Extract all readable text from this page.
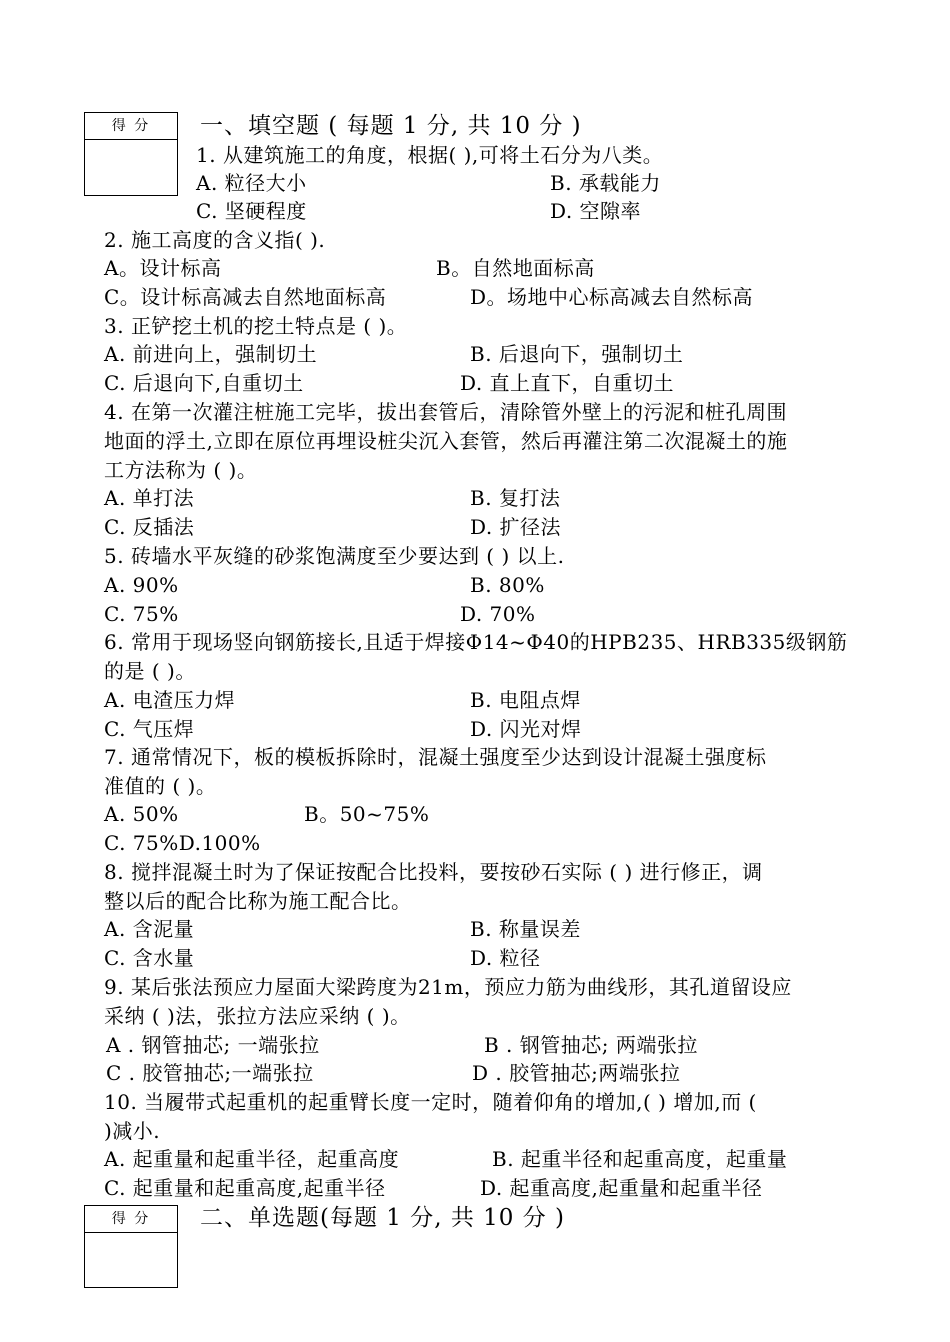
得 分	一、填空题 ( 每题 1 分, 共 10 分 )
1. 从建筑施工的角度，根据( ),可将土石分为八类。
A. 粒径大小	B. 承载能力
C. 坚硬程度	D. 空隙率
2. 施工高度的含义指( ).
A。设计标高	B。自然地面标高
C。设计标高减去自然地面标高	D。场地中心标高减去自然标高
3. 正铲挖土机的挖土特点是 ( )。
A. 前进向上，强制切土	B. 后退向下，强制切土
C. 后退向下,自重切土	D. 直上直下，自重切土
4. 在第一次灌注桩施工完毕，拔出套管后，清除管外壁上的污泥和桩孔周围
地面的浮土,立即在原位再埋设桩尖沉入套管，然后再灌注第二次混凝土的施
工方法称为 ( )。
A. 单打法	B. 复打法
C. 反插法	D. 扩径法
5. 砖墙水平灰缝的砂浆饱满度至少要达到 ( ) 以上.
A. 90%	B. 80%
C. 75%	D. 70%
6. 常用于现场竖向钢筋接长,且适于焊接Φ14~Φ40的HPB235、HRB335级钢筋
的是 ( )。
A. 电渣压力焊	B. 电阻点焊
C. 气压焊	D. 闪光对焊
7. 通常情况下，板的模板拆除时，混凝土强度至少达到设计混凝土强度标
准值的 ( )。
A. 50%	B。50~75%
C. 75%D.100%
8. 搅拌混凝土时为了保证按配合比投料，要按砂石实际 ( ) 进行修正，调
整以后的配合比称为施工配合比。
A. 含泥量	B. 称量误差
C. 含水量	D. 粒径
9. 某后张法预应力屋面大梁跨度为21m，预应力筋为曲线形，其孔道留设应
采纳 ( )法，张拉方法应采纳 ( )。
A . 钢管抽芯; 一端张拉	B . 钢管抽芯; 两端张拉
C . 胶管抽芯;一端张拉	D . 胶管抽芯;两端张拉
10. 当履带式起重机的起重臂长度一定时，随着仰角的增加,( ) 增加,而 (
)减小.
A. 起重量和起重半径，起重高度	B. 起重半径和起重高度，起重量
C. 起重量和起重高度,起重半径	D. 起重高度,起重量和起重半径
得 分	二、单选题(每题 1 分, 共 10 分 )
